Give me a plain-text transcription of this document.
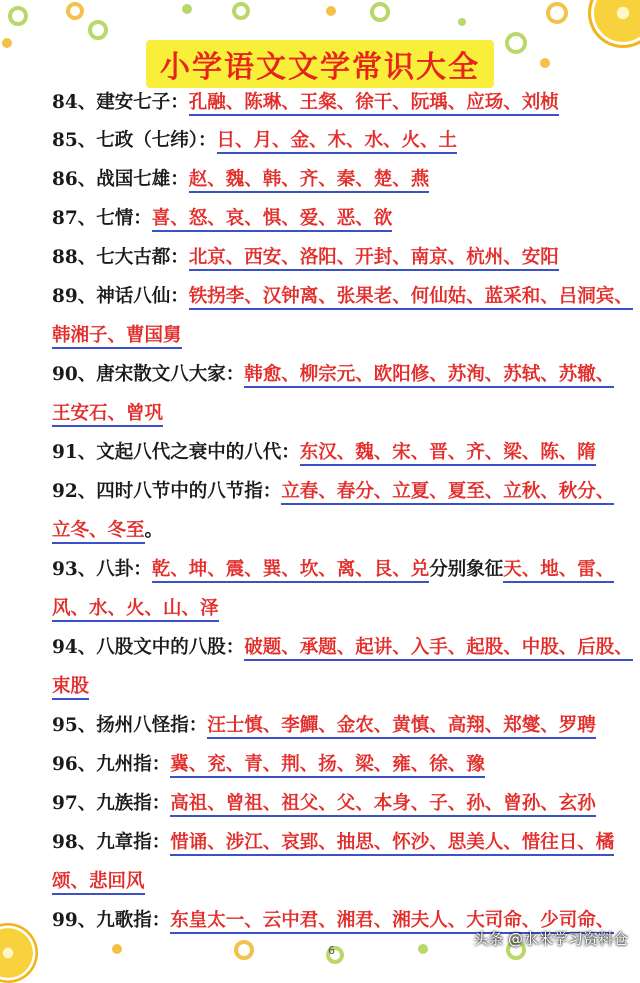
小学语文文学常识大全
84、建安七子：孔融、陈琳、王粲、徐干、阮瑀、应玚、刘桢
85、七政（七纬）：日、月、金、木、水、火、土
86、战国七雄：赵、魏、韩、齐、秦、楚、燕
87、七情：喜、怒、哀、惧、爱、恶、欲
88、七大古都：北京、西安、洛阳、开封、南京、杭州、安阳
89、神话八仙：铁拐李、汉钟离、张果老、何仙姑、蓝采和、吕洞宾、
韩湘子、曹国舅
90、唐宋散文八大家：韩愈、柳宗元、欧阳修、苏洵、苏轼、苏辙、
王安石、曾巩
91、文起八代之衰中的八代：东汉、魏、宋、晋、齐、梁、陈、隋
92、四时八节中的八节指：立春、春分、立夏、夏至、立秋、秋分、
立冬、冬至。
93、八卦：乾、坤、震、巽、坎、离、艮、兑分别象征天、地、雷、
风、水、火、山、泽
94、八股文中的八股：破题、承题、起讲、入手、起股、中股、后股、
束股
95、扬州八怪指：汪士慎、李鱓、金农、黄慎、高翔、郑燮、罗聘
96、九州指：冀、兖、青、荆、扬、梁、雍、徐、豫
97、九族指：高祖、曾祖、祖父、父、本身、子、孙、曾孙、玄孙
98、九章指：惜诵、涉江、哀郢、抽思、怀沙、思美人、惜往日、橘
颂、悲回风
99、九歌指：东皇太一、云中君、湘君、湘夫人、大司命、少司命、
6
头条 @水米学习资料仓
